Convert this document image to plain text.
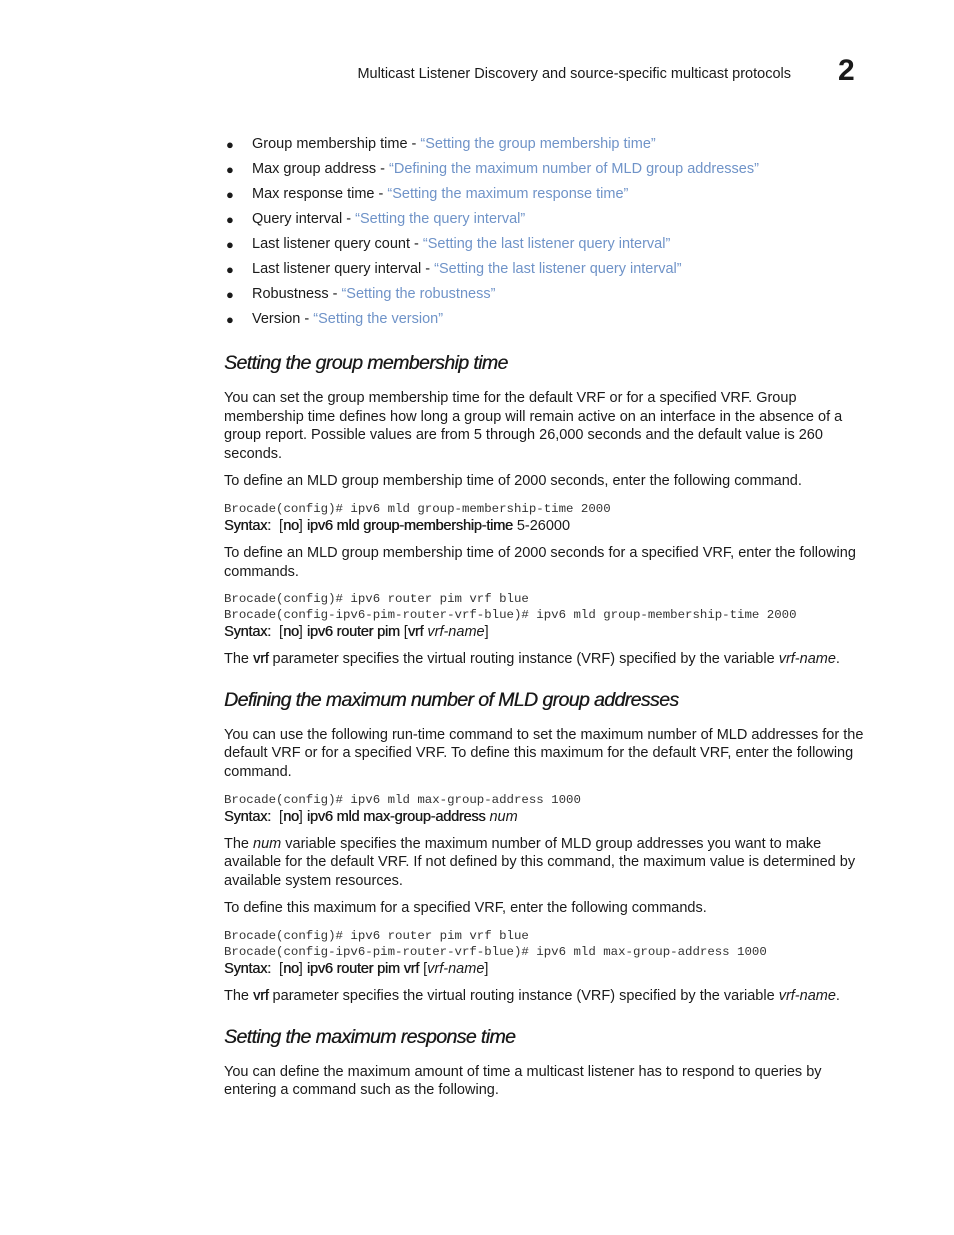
Multicast Listener Discovery and source-specific multicast protocols 2
● Group membership time - “Setting the group membership time”
● Max group address - “Defining the maximum number of MLD group addresses”
● Max response time - “Setting the maximum response time”
● Query interval - “Setting the query interval”
● Last listener query count - “Setting the last listener query interval”
● Last listener query interval - “Setting the last listener query interval”
● Robustness - “Setting the robustness”
● Version - “Setting the version”
Setting the group membership time

You can set the group membership time for the default VRF or for a specified VRF. Group membership time defines how long a group will remain active on an interface in the absence of a group report. Possible values are from 5 through 26,000 seconds and the default value is 260 seconds.

To define an MLD group membership time of 2000 seconds, enter the following command.

Brocade(config)# ipv6 mld group-membership-time 2000
Syntax: [no] ipv6 mld group-membership-time 5-26000

To define an MLD group membership time of 2000 seconds for a specified VRF, enter the following commands.

Brocade(config)# ipv6 router pim vrf blue
Brocade(config-ipv6-pim-router-vrf-blue)# ipv6 mld group-membership-time 2000
Syntax: [no] ipv6 router pim [vrf vrf-name]

The vrf parameter specifies the virtual routing instance (VRF) specified by the variable vrf-name.

Defining the maximum number of MLD group addresses

You can use the following run-time command to set the maximum number of MLD addresses for the default VRF or for a specified VRF. To define this maximum for the default VRF, enter the following command.

Brocade(config)# ipv6 mld max-group-address 1000
Syntax: [no] ipv6 mld max-group-address num

The num variable specifies the maximum number of MLD group addresses you want to make available for the default VRF. If not defined by this command, the maximum value is determined by available system resources.

To define this maximum for a specified VRF, enter the following commands.

Brocade(config)# ipv6 router pim vrf blue
Brocade(config-ipv6-pim-router-vrf-blue)# ipv6 mld max-group-address 1000
Syntax: [no] ipv6 router pim vrf [vrf-name]

The vrf parameter specifies the virtual routing instance (VRF) specified by the variable vrf-name.

Setting the maximum response time

You can define the maximum amount of time a multicast listener has to respond to queries by entering a command such as the following.
